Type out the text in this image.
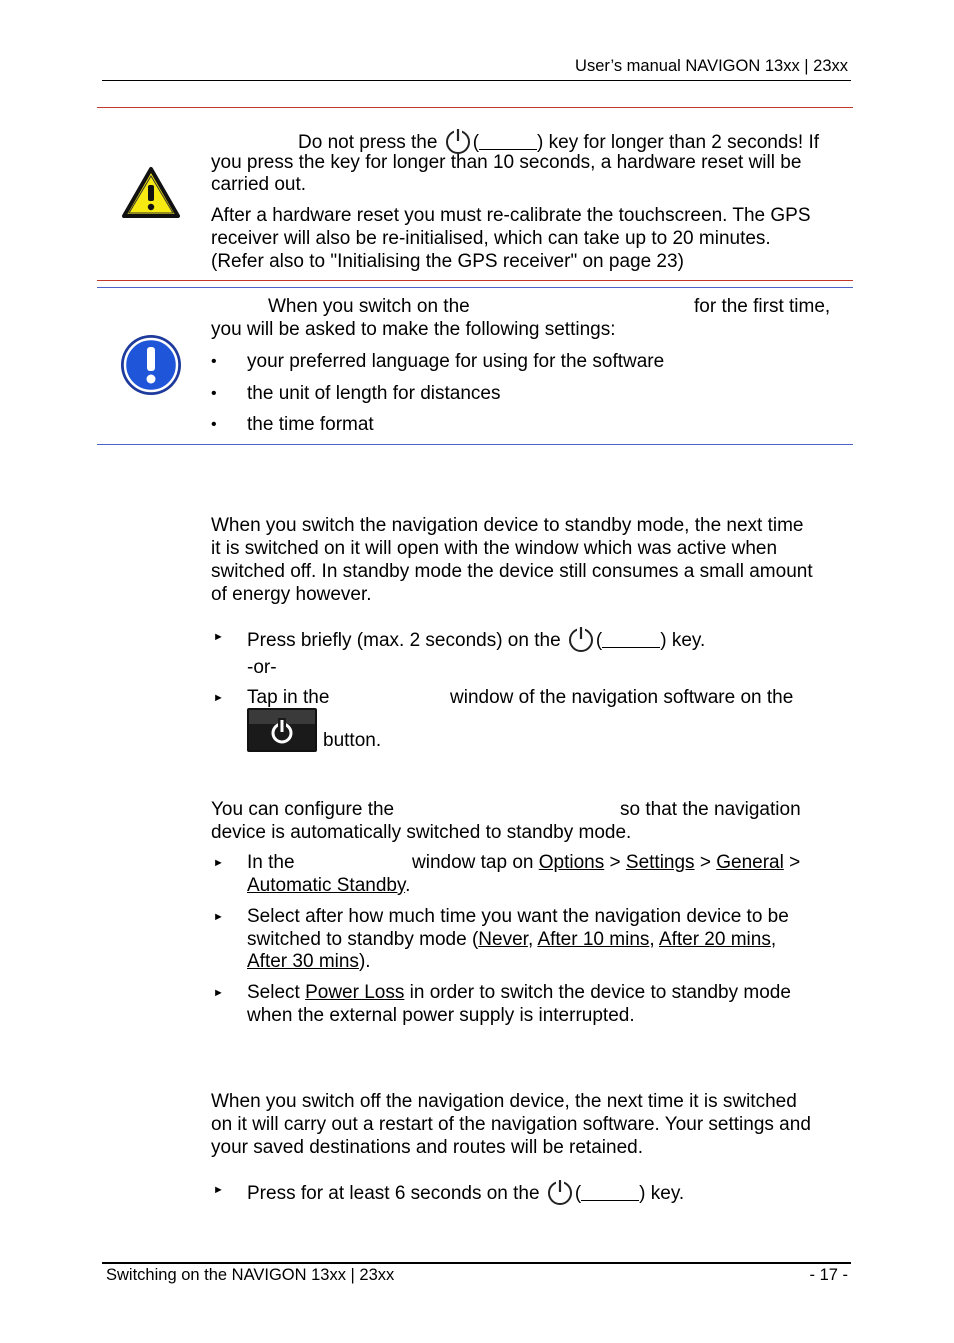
User’s manual NAVIGON 13xx | 23xx
Do not press the (	) key for longer than 2 seconds! If
you press the key for longer than 10 seconds, a hardware reset will be
carried out.
After a hardware reset you must re-calibrate the touchscreen. The GPS
receiver will also be re-initialised, which can take up to 20 minutes.
(Refer also to "Initialising the GPS receiver" on page 23)
When you switch on the	for the first time,
you will be asked to make the following settings:
• your preferred language for using for the software
• the unit of length for distances
• the time format
When you switch the navigation device to standby mode, the next time
it is switched on it will open with the window which was active when
switched off. In standby mode the device still consumes a small amount
of energy however.
► Press briefly (max. 2 seconds) on the (	) key.
-or-
► Tap in the	window of the navigation software on the
button.
You can configure the	so that the navigation
device is automatically switched to standby mode.
► In the	window tap on Options > Settings > General >
Automatic Standby.
► Select after how much time you want the navigation device to be
switched to standby mode (Never, After 10 mins, After 20 mins,
After 30 mins).
► Select Power Loss in order to switch the device to standby mode
when the external power supply is interrupted.
When you switch off the navigation device, the next time it is switched
on it will carry out a restart of the navigation software. Your settings and
your saved destinations and routes will be retained.
► Press for at least 6 seconds on the (	) key.
Switching on the NAVIGON 13xx | 23xx	- 17 -
